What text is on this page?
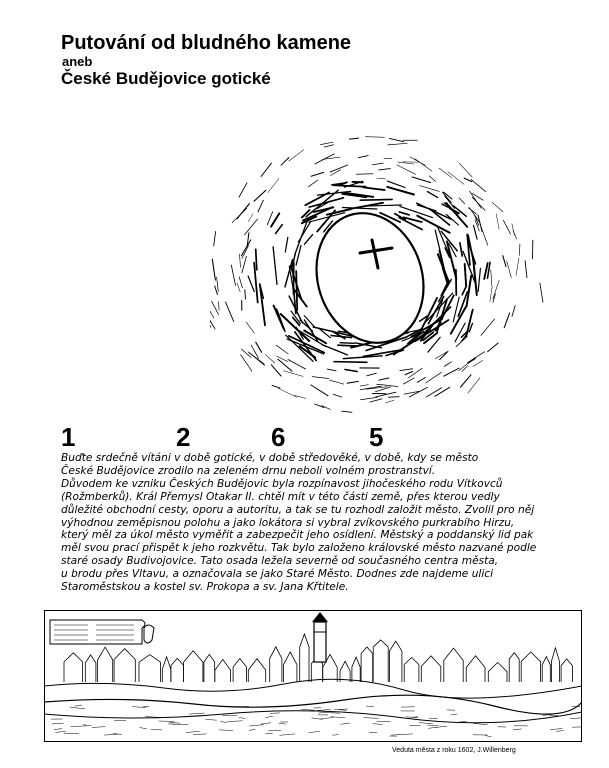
Putování od bludného kamene

aneb

České Budějovice gotické

1	2	6	5

Buďte srdečně vítáni v době gotické, v době středověké, v době, kdy se město
České Budějovice zrodilo na zeleném drnu neboli volném prostranství.
Důvodem ke vzniku Českých Budějovic byla rozpínavost jihočeského rodu Vítkovců
(Rožmberků). Král Přemysl Otakar II. chtěl mít v této části země, přes kterou vedly
důležité obchodní cesty, oporu a autoritu, a tak se tu rozhodl založit město. Zvolil pro něj
výhodnou zeměpisnou polohu a jako lokátora si vybral zvíkovského purkrabího Hirzu,
který měl za úkol město vyměřit a zabezpečit jeho osídlení. Městský a poddanský lid pak
měl svou prací přispět k jeho rozkvětu. Tak bylo založeno královské město nazvané podle
staré osady Budivojovice. Tato osada ležela severně od současného centra města,
u brodu přes Vltavu, a označovala se jako Staré Město. Dodnes zde najdeme ulici
Staroměstskou a kostel sv. Prokopa a sv. Jana Křtitele.

Veduta města z roku 1602, J.Willenberg
